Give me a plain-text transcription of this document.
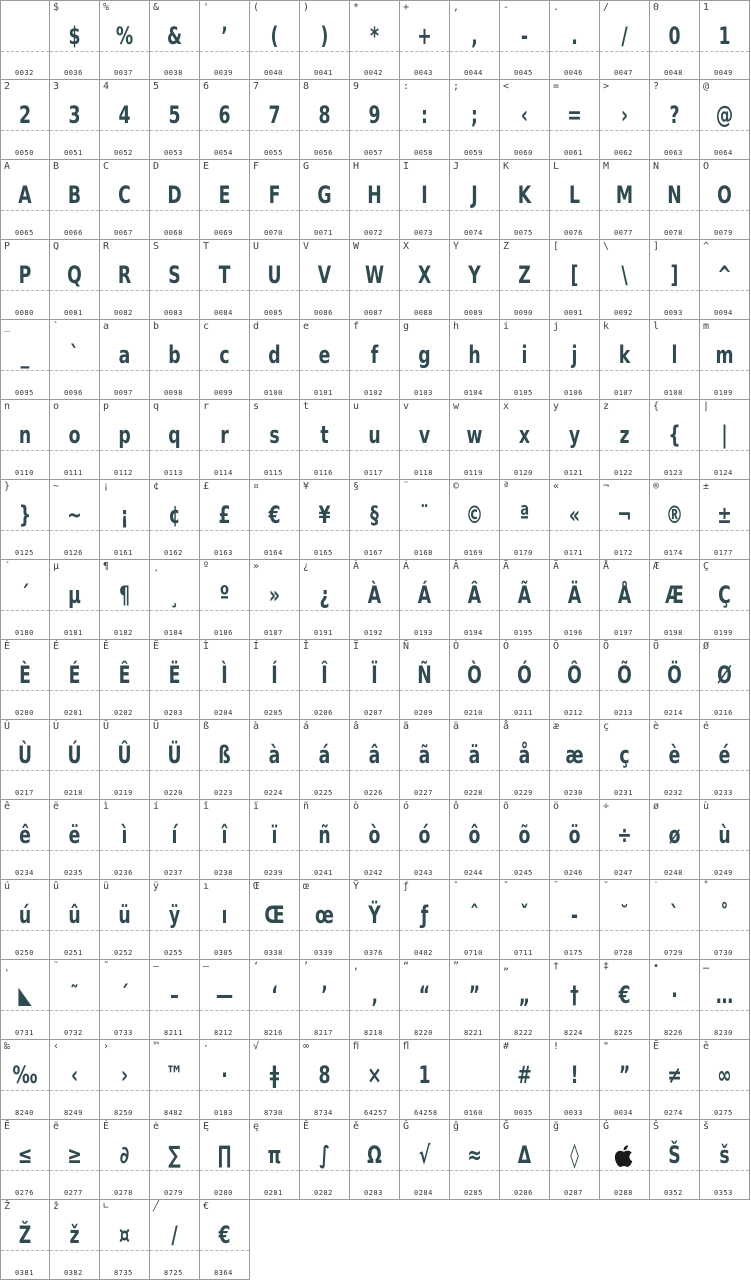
0032
$
$
0036
%
%
0037
&
&
0038
'
’
0039
(
(
0040
)
)
0041
*
*
0042
+
+
0043
,
,
0044
-
-
0045
.
.
0046
/
/
0047
0
0
0048
1
1
0049
2
2
0050
3
3
0051
4
4
0052
5
5
0053
6
6
0054
7
7
0055
8
8
0056
9
9
0057
:
:
0058
;
;
0059
<
‹
0060
=
=
0061
>
›
0062
?
?
0063
@
@
0064
A
A
0065
B
B
0066
C
C
0067
D
D
0068
E
E
0069
F
F
0070
G
G
0071
H
H
0072
I
I
0073
J
J
0074
K
K
0075
L
L
0076
M
M
0077
N
N
0078
O
O
0079
P
P
0080
Q
Q
0081
R
R
0082
S
S
0083
T
T
0084
U
U
0085
V
V
0086
W
W
0087
X
X
0088
Y
Y
0089
Z
Z
0090
[
[
0091
\
\
0092
]
]
0093
^
^
0094
_
_
0095
`
`
0096
a
a
0097
b
b
0098
c
c
0099
d
d
0100
e
e
0101
f
f
0102
g
g
0103
h
h
0104
i
i
0105
j
j
0106
k
k
0107
l
l
0108
m
m
0109
n
n
0110
o
o
0111
p
p
0112
q
q
0113
r
r
0114
s
s
0115
t
t
0116
u
u
0117
v
v
0118
w
w
0119
x
x
0120
y
y
0121
z
z
0122
{
{
0123
|
|
0124
}
}
0125
~
~
0126
¡
¡
0161
¢
¢
0162
£
£
0163
¤
€
0164
¥
¥
0165
§
§
0167
¨
¨
0168
©
©
0169
ª
ª
0170
«
«
0171
¬
¬
0172
®
®
0174
±
±
0177
´
´
0180
µ
µ
0181
¶
¶
0182
¸
¸
0184
º
º
0186
»
»
0187
¿
¿
0191
À
À
0192
Á
Á
0193
Â
Â
0194
Ã
Ã
0195
Ä
Ä
0196
Å
Å
0197
Æ
Æ
0198
Ç
Ç
0199
È
È
0200
É
É
0201
Ê
Ê
0202
Ë
Ë
0203
Ì
Ì
0204
Í
Í
0205
Î
Î
0206
Ï
Ï
0207
Ñ
Ñ
0209
Ò
Ò
0210
Ó
Ó
0211
Ô
Ô
0212
Õ
Õ
0213
Ö
Ö
0214
Ø
Ø
0216
Ù
Ù
0217
Ú
Ú
0218
Û
Û
0219
Ü
Ü
0220
ß
ß
0223
à
à
0224
á
á
0225
â
â
0226
ã
ã
0227
ä
ä
0228
å
å
0229
æ
æ
0230
ç
ç
0231
è
è
0232
é
é
0233
ê
ê
0234
ë
ë
0235
ì
ì
0236
í
í
0237
î
î
0238
ï
ï
0239
ñ
ñ
0241
ò
ò
0242
ó
ó
0243
ô
ô
0244
õ
õ
0245
ö
ö
0246
÷
÷
0247
ø
ø
0248
ù
ù
0249
ú
ú
0250
û
û
0251
ü
ü
0252
ÿ
ÿ
0255
ı
ı
0305
Œ
Œ
0338
œ
œ
0339
Ÿ
Ÿ
0376
ƒ
ƒ
0402
ˆ
ˆ
0710
ˇ
ˇ
0711
¯
-
0175
˘
˘
0728
˙
`
0729
˚
˚
0730
˛
◣
0731
˜
˜
0732
˝
´
0733
–
–
8211
—
—
8212
‘
‘
8216
’
’
8217
‚
‚
8218
“
“
8220
”
”
8221
„
„
8222
†
†
8224
‡
€
8225
•
·
8226
…
…
8230
‰
‰
8240
‹
‹
8249
›
›
8250
™
™
8482
·
·
0183
√
ǂ
8730
∞
8
8734
ﬁ
×
64257
ﬂ
1
64258	0160
#
#
0035
!
!
0033
"
”
0034
Ē
≠
0274
ē
∞
0275
Ĕ
≤
0276
ĕ
≥
0277
Ė
∂
0278
ė
∑
0279
Ę
∏
0280
ę
π
0281
Ě
∫
0282
ě
Ω
0283
Ĝ
√
0284
ĝ
≈
0285
Ğ
Δ
0286
ğ
◊
0287
Ġ
0288
Š
Š
0352
š
š
0353
Ž
Ž
0381
ž
ž
0382
∟
¤
8735
╱
/
8725
€
€
8364
